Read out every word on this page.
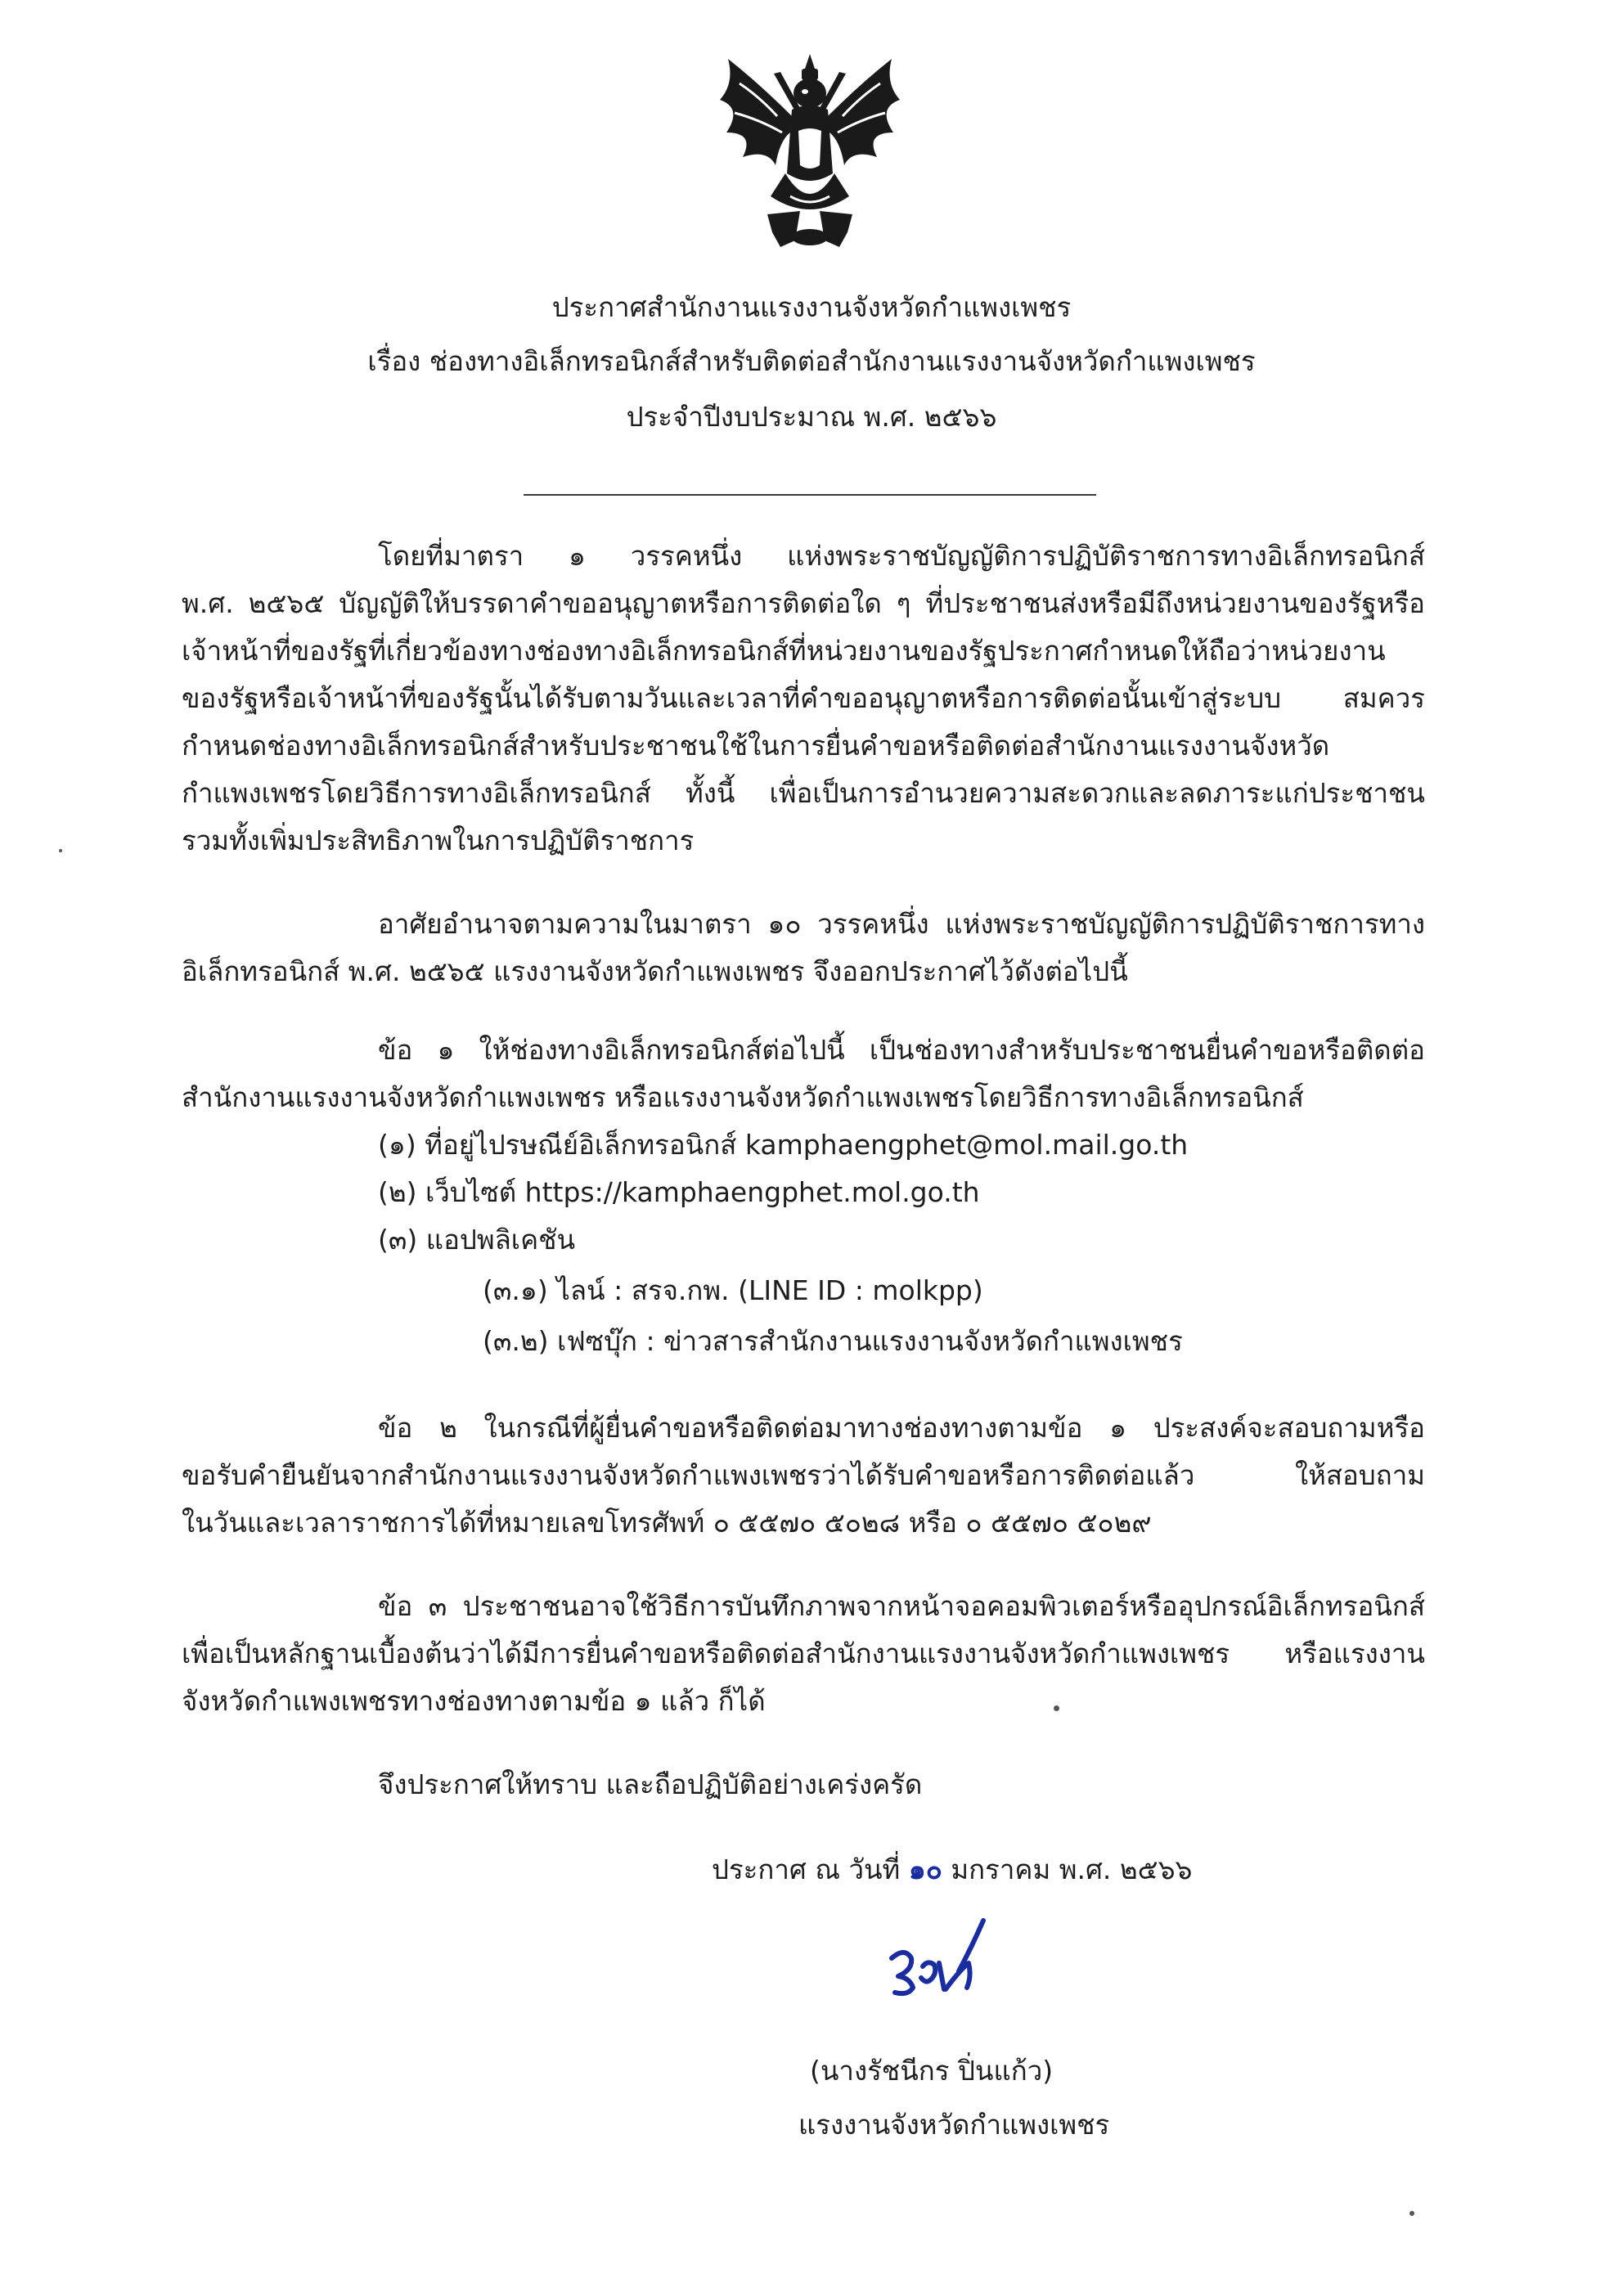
ประกาศสำนักงานแรงงานจังหวัดกำแพงเพชร

เรื่อง ช่องทางอิเล็กทรอนิกส์สำหรับติดต่อสำนักงานแรงงานจังหวัดกำแพงเพชร

ประจำปีงบประมาณ พ.ศ. ๒๕๖๖

โดยที่มาตรา ๑ วรรคหนึ่ง แห่งพระราชบัญญัติการปฏิบัติราชการทางอิเล็กทรอนิกส์

พ.ศ. ๒๕๖๕ บัญญัติให้บรรดาคำขออนุญาตหรือการติดต่อใด ๆ ที่ประชาชนส่งหรือมีถึงหน่วยงานของรัฐหรือ

เจ้าหน้าที่ของรัฐที่เกี่ยวข้องทางช่องทางอิเล็กทรอนิกส์ที่หน่วยงานของรัฐประกาศกำหนดให้ถือว่าหน่วยงาน

ของรัฐหรือเจ้าหน้าที่ของรัฐนั้นได้รับตามวันและเวลาที่คำขออนุญาตหรือการติดต่อนั้นเข้าสู่ระบบ สมควร

กำหนดช่องทางอิเล็กทรอนิกส์สำหรับประชาชนใช้ในการยื่นคำขอหรือติดต่อสำนักงานแรงงานจังหวัด

กำแพงเพชรโดยวิธีการทางอิเล็กทรอนิกส์ ทั้งนี้ เพื่อเป็นการอำนวยความสะดวกและลดภาระแก่ประชาชน

รวมทั้งเพิ่มประสิทธิภาพในการปฏิบัติราชการ

อาศัยอำนาจตามความในมาตรา ๑๐ วรรคหนึ่ง แห่งพระราชบัญญัติการปฏิบัติราชการทาง

อิเล็กทรอนิกส์ พ.ศ. ๒๕๖๕ แรงงานจังหวัดกำแพงเพชร จึงออกประกาศไว้ดังต่อไปนี้

ข้อ ๑ ให้ช่องทางอิเล็กทรอนิกส์ต่อไปนี้ เป็นช่องทางสำหรับประชาชนยื่นคำขอหรือติดต่อ

สำนักงานแรงงานจังหวัดกำแพงเพชร หรือแรงงานจังหวัดกำแพงเพชรโดยวิธีการทางอิเล็กทรอนิกส์

(๑) ที่อยู่ไปรษณีย์อิเล็กทรอนิกส์ kamphaengphet@mol.mail.go.th

(๒) เว็บไซต์ https://kamphaengphet.mol.go.th

(๓) แอปพลิเคชัน

(๓.๑) ไลน์ : สรจ.กพ. (LINE ID : molkpp)

(๓.๒) เฟซบุ๊ก : ข่าวสารสำนักงานแรงงานจังหวัดกำแพงเพชร

ข้อ ๒ ในกรณีที่ผู้ยื่นคำขอหรือติดต่อมาทางช่องทางตามข้อ ๑ ประสงค์จะสอบถามหรือ

ขอรับคำยืนยันจากสำนักงานแรงงานจังหวัดกำแพงเพชรว่าได้รับคำขอหรือการติดต่อแล้ว ให้สอบถาม

ในวันและเวลาราชการได้ที่หมายเลขโทรศัพท์ ๐ ๕๕๗๐ ๕๐๒๘ หรือ ๐ ๕๕๗๐ ๕๐๒๙

ข้อ ๓ ประชาชนอาจใช้วิธีการบันทึกภาพจากหน้าจอคอมพิวเตอร์หรืออุปกรณ์อิเล็กทรอนิกส์

เพื่อเป็นหลักฐานเบื้องต้นว่าได้มีการยื่นคำขอหรือติดต่อสำนักงานแรงงานจังหวัดกำแพงเพชร หรือแรงงาน

จังหวัดกำแพงเพชรทางช่องทางตามข้อ ๑ แล้ว ก็ได้

จึงประกาศให้ทราบ และถือปฏิบัติอย่างเคร่งครัด

ประกาศ ณ วันที่ ๑๐ มกราคม พ.ศ. ๒๕๖๖

(นางรัชนีกร ปิ่นแก้ว)

แรงงานจังหวัดกำแพงเพชร
